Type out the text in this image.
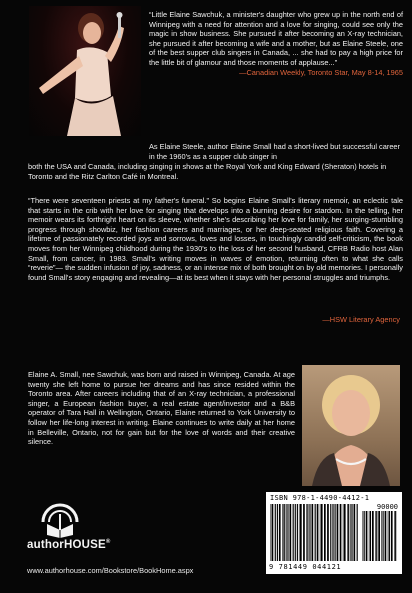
“Little Elaine Sawchuk, a minister's daughter who grew up in the north end of Winnipeg with a need for attention and a love for singing, could see only the magic in show business. She pursued it after becoming an X-ray technician, she pursued it after becoming a wife and a mother, but as Elaine Steele, one of the best supper club singers in Canada, ... she had to pay a high price for the little bit of glamour and those moments of applause...”
—Canadian Weekly, Toronto Star, May 8-14, 1965

As Elaine Steele, author Elaine Small had a short-lived but successful career in the 1960's as a supper club singer in

both the USA and Canada, including singing in shows at the Royal York and King Edward (Sheraton) hotels in Toronto and the Ritz Carlton Café in Montreal.

“There were seventeen priests at my father's funeral.” So begins Elaine Small's literary memoir, an eclectic tale that starts in the crib with her love for singing that develops into a burning desire for stardom. In the telling, her memoir wears its forthright heart on its sleeve, whether she's describing her love for family, her surging-stumbling progress through showbiz, her fashion careers and marriages, or her deep-seated religious faith. Covering a lifetime of passionately recorded joys and sorrows, loves and losses, in touchingly candid self-criticism, the book moves from her Winnipeg childhood during the 1930's to the loss of her second husband, CFRB Radio host Alan Small, from cancer, in 1983. Small's writing moves in waves of emotion, returning often to what she calls “reverie”— the sudden infusion of joy, sadness, or an intense mix of both brought on by old memories. I personally found Small's story engaging and revealing—at its best when it stays with her personal struggles and triumphs.

—HSW Literary Agency

Elaine A. Small, nee Sawchuk, was born and raised in Winnipeg, Canada. At age twenty she left home to pursue her dreams and has since resided within the Toronto area. After careers including that of an X-ray technician, a professional singer, a European fashion buyer, a real estate agent/investor and a B&B operator of Tara Hall in Wellington, Ontario, Elaine returned to York University to follow her life-long interest in writing. Elaine continues to write daily at her home in Belleville, Ontario, not for gain but for the love of words and their creative silence.

authorHOUSE®
www.authorhouse.com/Bookstore/BookHome.aspx
ISBN 978-1-4490-4412-1
90000
9 781449 044121
